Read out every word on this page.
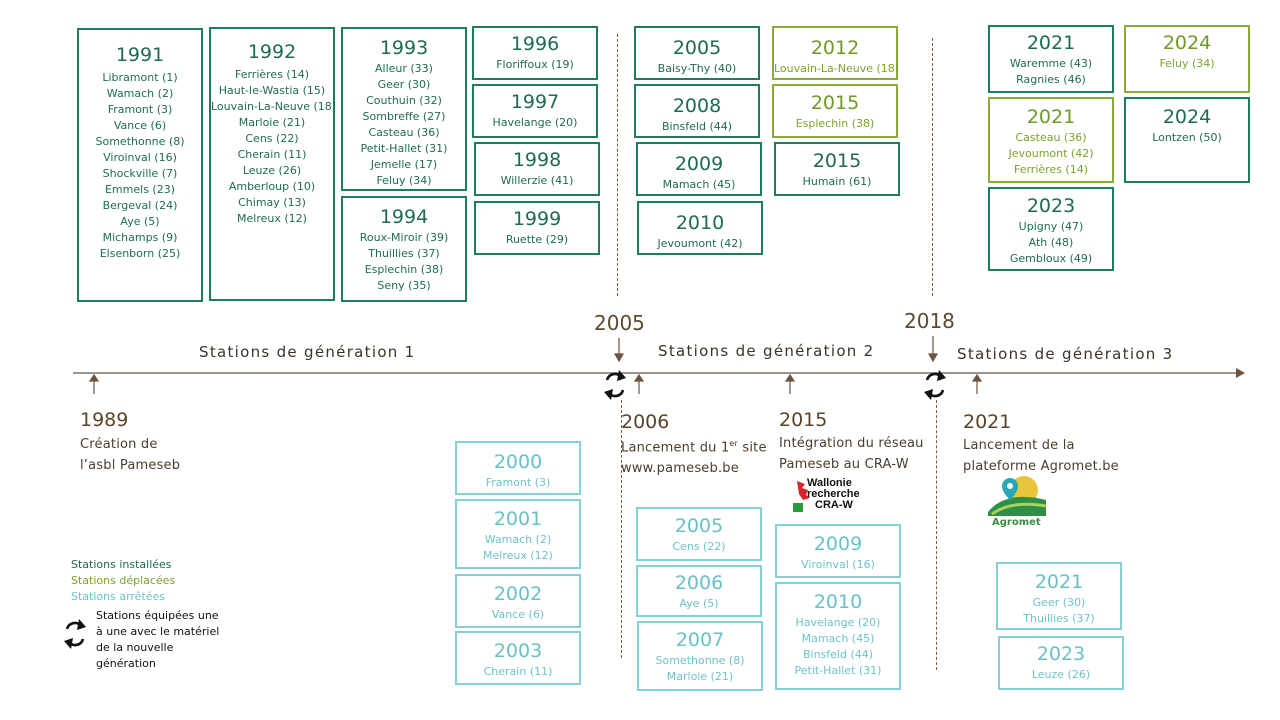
2005	2018
Stations de génération 1	Stations de génération 2	Stations de génération 3
1991
Libramont (1)
Wamach (2)
Framont (3)
Vance (6)
Somethonne (8)
Viroinval (16)
Shockville (7)
Emmels (23)
Bergeval (24)
Aye (5)
Michamps (9)
Elsenborn (25)
1992
Ferrières (14)
Haut-le-Wastia (15)
Louvain-La-Neuve (18)
Marloie (21)
Cens (22)
Cherain (11)
Leuze (26)
Amberloup (10)
Chimay (13)
Melreux (12)
1993
Alleur (33)
Geer (30)
Couthuin (32)
Sombreffe (27)
Casteau (36)
Petit-Hallet (31)
Jemelle (17)
Feluy (34)
1994
Roux-Miroir (39)
Thuillies (37)
Esplechin (38)
Seny (35)
1996
Floriffoux (19)
1997
Havelange (20)
1998
Willerzie (41)
1999
Ruette (29)
2005
Baisy-Thy (40)
2008
Binsfeld (44)
2009
Mamach (45)
2010
Jevoumont (42)
2012
Louvain-La-Neuve (18)
2015
Esplechin (38)
2015
Humain (61)
2021
Waremme (43)
Ragnies (46)
2021
Casteau (36)
Jevoumont (42)
Ferrières (14)
2023
Upigny (47)
Ath (48)
Gembloux (49)
2024
Feluy (34)
2024
Lontzen (50)
1989
Création de
l’asbl Pameseb
2006
Lancement du 1er site
www.pameseb.be
2015
Intégration du réseau
Pameseb au CRA-W
2021
Lancement de la
plateforme Agromet.be
Wallonie
recherche
CRA-W
Agromet
2000
Framont (3)
2001
Wamach (2)
Melreux (12)
2002
Vance (6)
2003
Cherain (11)
2005
Cens (22)
2006
Aye (5)
2007
Somethonne (8)
Marloie (21)
2009
Viroinval (16)
2010
Havelange (20)
Mamach (45)
Binsfeld (44)
Petit-Hallet (31)
2021
Geer (30)
Thuillies (37)
2023
Leuze (26)
Stations installées
Stations déplacées
Stations arrêtées
Stations équipées une
à une avec le matériel
de la nouvelle
génération
